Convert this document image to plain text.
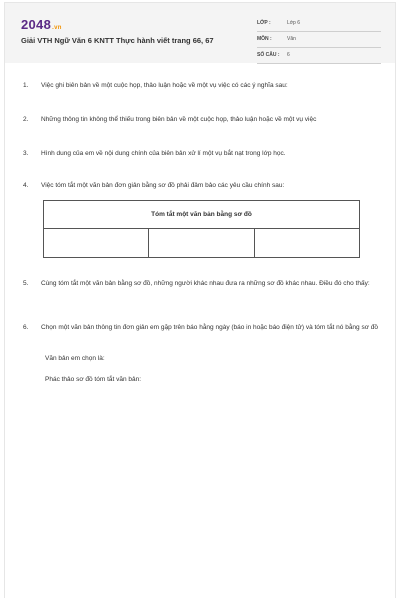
2048.vn
Giải VTH Ngữ Văn 6 KNTT Thực hành viết trang 66, 67
LỚP :	Lớp 6
MÔN :	Văn
SỐ CÂU : 6
1. Việc ghi biên bản về một cuộc họp, thảo luận hoặc về một vụ việc có các ý nghĩa sau:
2. Những thông tin không thể thiếu trong biên bản về một cuộc họp, thảo luận hoặc về một vụ việc
3. Hình dung của em về nội dung chính của biên bản xử lí một vụ bắt nạt trong lớp học.
4. Việc tóm tắt một văn bản đơn giản bằng sơ đồ phải đảm bảo các yêu cầu chính sau:
Tóm tắt một văn bản bằng sơ đồ
5. Cùng tóm tắt một văn bản bằng sơ đồ, những người khác nhau đưa ra những sơ đồ khác nhau. Điều đó cho thấy:
6. Chọn một văn bản thông tin đơn giản em gặp trên báo hằng ngày (báo in hoặc báo điện tử) và tóm tắt nó bằng sơ đồ
Văn bản em chọn là:
Phác thảo sơ đồ tóm tắt văn bản:
